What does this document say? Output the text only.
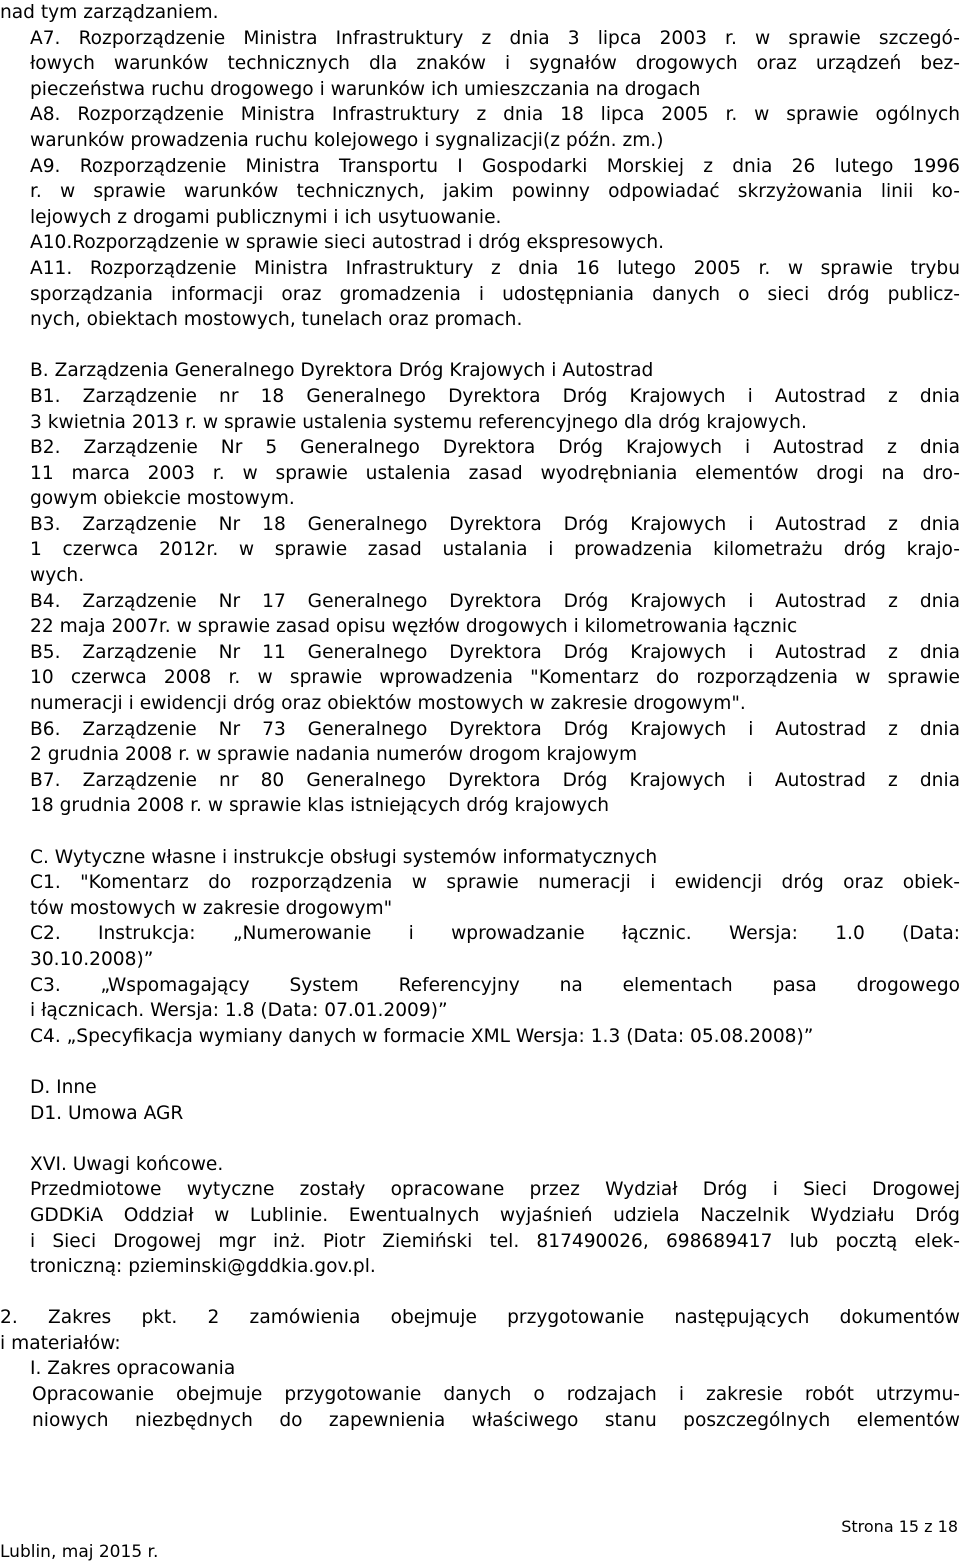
nad tym zarządzaniem.
A7. Rozporządzenie Ministra Infrastruktury z dnia 3 lipca 2003 r. w sprawie szczegó-
łowych warunków technicznych dla znaków i sygnałów drogowych oraz urządzeń bez-
pieczeństwa ruchu drogowego i warunków ich umieszczania na drogach
A8. Rozporządzenie Ministra Infrastruktury z dnia 18 lipca 2005 r. w sprawie ogólnych
warunków prowadzenia ruchu kolejowego i sygnalizacji(z późn. zm.)
A9. Rozporządzenie Ministra Transportu I Gospodarki Morskiej z dnia 26 lutego 1996
r. w sprawie warunków technicznych, jakim powinny odpowiadać skrzyżowania linii ko-
lejowych z drogami publicznymi i ich usytuowanie.
A10.Rozporządzenie w sprawie sieci autostrad i dróg ekspresowych.
A11. Rozporządzenie Ministra Infrastruktury z dnia 16 lutego 2005 r. w sprawie trybu
sporządzania informacji oraz gromadzenia i udostępniania danych o sieci dróg publicz-
nych, obiektach mostowych, tunelach oraz promach.
B. Zarządzenia Generalnego Dyrektora Dróg Krajowych i Autostrad
B1. Zarządzenie nr 18 Generalnego Dyrektora Dróg Krajowych i Autostrad z dnia
3 kwietnia 2013 r. w sprawie ustalenia systemu referencyjnego dla dróg krajowych.
B2. Zarządzenie Nr 5 Generalnego Dyrektora Dróg Krajowych i Autostrad z dnia
11 marca 2003 r. w sprawie ustalenia zasad wyodrębniania elementów drogi na dro-
gowym obiekcie mostowym.
B3. Zarządzenie Nr 18 Generalnego Dyrektora Dróg Krajowych i Autostrad z dnia
1 czerwca 2012r. w sprawie zasad ustalania i prowadzenia kilometrażu dróg krajo-
wych.
B4. Zarządzenie Nr 17 Generalnego Dyrektora Dróg Krajowych i Autostrad z dnia
22 maja 2007r. w sprawie zasad opisu węzłów drogowych i kilometrowania łącznic
B5. Zarządzenie Nr 11 Generalnego Dyrektora Dróg Krajowych i Autostrad z dnia
10 czerwca 2008 r. w sprawie wprowadzenia "Komentarz do rozporządzenia w sprawie
numeracji i ewidencji dróg oraz obiektów mostowych w zakresie drogowym".
B6. Zarządzenie Nr 73 Generalnego Dyrektora Dróg Krajowych i Autostrad z dnia
2 grudnia 2008 r. w sprawie nadania numerów drogom krajowym
B7. Zarządzenie nr 80 Generalnego Dyrektora Dróg Krajowych i Autostrad z dnia
18 grudnia 2008 r. w sprawie klas istniejących dróg krajowych
C. Wytyczne własne i instrukcje obsługi systemów informatycznych
C1. "Komentarz do rozporządzenia w sprawie numeracji i ewidencji dróg oraz obiek-
tów mostowych w zakresie drogowym"
C2. Instrukcja: „Numerowanie i wprowadzanie łącznic. Wersja: 1.0 (Data:
30.10.2008)”
C3. „Wspomagający System Referencyjny na elementach pasa drogowego
i łącznicach. Wersja: 1.8 (Data: 07.01.2009)”
C4. „Specyfikacja wymiany danych w formacie XML Wersja: 1.3 (Data: 05.08.2008)”
D. Inne
D1. Umowa AGR
XVI. Uwagi końcowe.
Przedmiotowe wytyczne zostały opracowane przez Wydział Dróg i Sieci Drogowej
GDDKiA Oddział w Lublinie. Ewentualnych wyjaśnień udziela Naczelnik Wydziału Dróg
i Sieci Drogowej mgr inż. Piotr Ziemiński tel. 817490026, 698689417 lub pocztą elek-
troniczną: pzieminski@gddkia.gov.pl.
2. Zakres pkt. 2 zamówienia obejmuje przygotowanie następujących dokumentów
i materiałów:
I. Zakres opracowania
Opracowanie obejmuje przygotowanie danych o rodzajach i zakresie robót utrzymu-
niowych niezbędnych do zapewnienia właściwego stanu poszczególnych elementów
Lublin, maj 2015 r.
Strona 15 z 18
